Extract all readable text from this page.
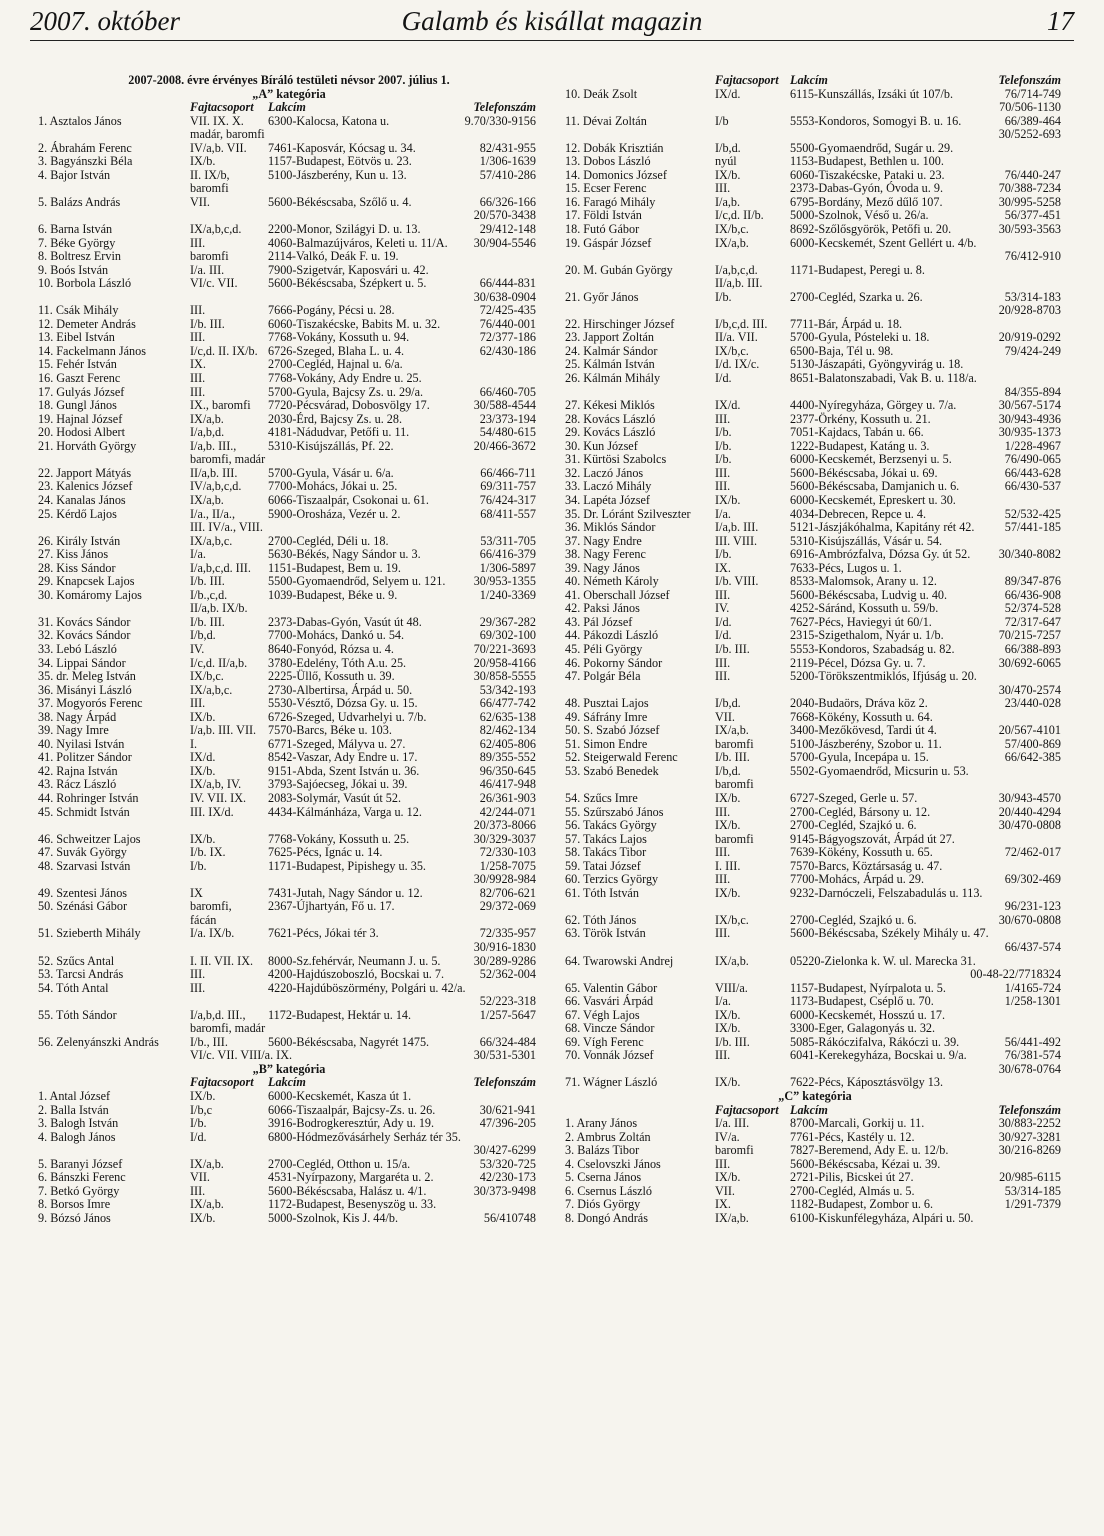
2007. október	Galamb és kisállat magazin	17
2007-2008. évre érvényes Bíráló testületi névsor 2007. július 1.
„A” kategória
Fajtacsoport Lakcím	Telefonszám
1. Asztalos János	VII. IX. X. 6300-Kalocsa, Katona u.	9.70/330-9156
madár, baromfi
2. Ábrahám Ferenc	IV/a,b. VII. 7461-Kaposvár, Kócsag u. 34.	82/431-955
3. Bagyánszki Béla	IX/b.	1157-Budapest, Eötvös u. 23.	1/306-1639
4. Bajor István	II. IX/b,	5100-Jászberény, Kun u. 13.	57/410-286
baromfi
5. Balázs András	VII.	5600-Békéscsaba, Szőlő u. 4.	66/326-166
20/570-3438
6. Barna István	IX/a,b,c,d. 2200-Monor, Szilágyi D. u. 13.	29/412-148
7. Béke György	III.	4060-Balmazújváros, Keleti u. 11/A. 30/904-5546
8. Boltresz Ervin	baromfi	2114-Valkó, Deák F. u. 19.
9. Boós István	I/a. III.	7900-Szigetvár, Kaposvári u. 42.
10. Borbola László	VI/c. VII.	5600-Békéscsaba, Szépkert u. 5.	66/444-831
30/638-0904
11. Csák Mihály	III.	7666-Pogány, Pécsi u. 28.	72/425-435
12. Demeter András	I/b. III.	6060-Tiszakécske, Babits M. u. 32.	76/440-001
13. Eibel István	III.	7768-Vokány, Kossuth u. 94.	72/377-186
14. Fackelmann János	I/c,d. II. IX/b. 6726-Szeged, Blaha L. u. 4.	62/430-186
15. Fehér István	IX.	2700-Cegléd, Hajnal u. 6/a.
16. Gaszt Ferenc	III.	7768-Vokány, Ady Endre u. 25.
17. Gulyás József	III.	5700-Gyula, Bajcsy Zs. u. 29/a.	66/460-705
18. Gungl János	IX., baromfi 7720-Pécsvárad, Dobosvölgy 17.	30/588-4544
19. Hajnal József	IX/a,b.	2030-Érd, Bajcsy Zs. u. 28.	23/373-194
20. Hodosi Albert	I/a,b,d.	4181-Nádudvar, Petőfi u. 11.	54/480-615
21. Horváth György	I/a,b. III.,	5310-Kisújszállás, Pf. 22.	20/466-3672
baromfi, madár
22. Japport Mátyás	II/a,b. III.	5700-Gyula, Vásár u. 6/a.	66/466-711
23. Kalenics József	IV/a,b,c,d. 7700-Mohács, Jókai u. 25.	69/311-757
24. Kanalas János	IX/a,b.	6066-Tiszaalpár, Csokonai u. 61.	76/424-317
25. Kérdő Lajos	I/a., II/a.,	5900-Orosháza, Vezér u. 2.	68/411-557
III. IV/a., VIII.
26. Király István	IX/a,b,c.	2700-Cegléd, Déli u. 18.	53/311-705
27. Kiss János	I/a.	5630-Békés, Nagy Sándor u. 3.	66/416-379
28. Kiss Sándor	I/a,b,c,d. III. 1151-Budapest, Bem u. 19.	1/306-5897
29. Knapcsek Lajos	I/b. III.	5500-Gyomaendrőd, Selyem u. 121. 30/953-1355
30. Komáromy Lajos	I/b.,c,d.	1039-Budapest, Béke u. 9.	1/240-3369
II/a,b. IX/b.
31. Kovács Sándor	I/b. III.	2373-Dabas-Gyón, Vasút út 48.	29/367-282
32. Kovács Sándor	I/b,d.	7700-Mohács, Dankó u. 54.	69/302-100
33. Lebó László	IV.	8640-Fonyód, Rózsa u. 4.	70/221-3693
34. Lippai Sándor	I/c,d. II/a,b. 3780-Edelény, Tóth A.u. 25.	20/958-4166
35. dr. Meleg István	IX/b,c.	2225-Üllő, Kossuth u. 39.	30/858-5555
36. Misányi László	IX/a,b,c.	2730-Albertirsa, Árpád u. 50.	53/342-193
37. Mogyorós Ferenc	III.	5530-Vésztő, Dózsa Gy. u. 15.	66/477-742
38. Nagy Árpád	IX/b.	6726-Szeged, Udvarhelyi u. 7/b.	62/635-138
39. Nagy Imre	I/a,b. III. VII. 7570-Barcs, Béke u. 103.	82/462-134
40. Nyilasi István	I.	6771-Szeged, Mályva u. 27.	62/405-806
41. Politzer Sándor	IX/d.	8542-Vaszar, Ady Endre u. 17.	89/355-552
42. Rajna István	IX/b.	9151-Abda, Szent István u. 36.	96/350-645
43. Rácz László	IX/a,b, IV. 3793-Sajóecseg, Jókai u. 39.	46/417-948
44. Rohringer István	IV. VII. IX. 2083-Solymár, Vasút út 52.	26/361-903
45. Schmidt István	III. IX/d.	4434-Kálmánháza, Varga u. 12.	42/244-071
20/373-8066
46. Schweitzer Lajos	IX/b.	7768-Vokány, Kossuth u. 25.	30/329-3037
47. Suvák György	I/b. IX.	7625-Pécs, Ignác u. 14.	72/330-103
48. Szarvasi István	I/b.	1171-Budapest, Pipishegy u. 35.	1/258-7075
30/9928-984
49. Szentesi János	IX	7431-Jutah, Nagy Sándor u. 12.	82/706-621
50. Szénási Gábor	baromfi,	2367-Újhartyán, Fő u. 17.	29/372-069
fácán
51. Szieberth Mihály	I/a. IX/b.	7621-Pécs, Jókai tér 3.	72/335-957
30/916-1830
52. Szűcs Antal	I. II. VII. IX. 8000-Sz.fehérvár, Neumann J. u. 5.	30/289-9286
53. Tarcsi András	III.	4200-Hajdúszoboszló, Bocskai u. 7.	52/362-004
54. Tóth Antal	III.	4220-Hajdúböszörmény, Polgári u. 42/a.
52/223-318
55. Tóth Sándor	I/a,b,d. III., 1172-Budapest, Hektár u. 14.	1/257-5647
baromfi, madár
56. Zelenyánszki András	I/b., III.	5600-Békéscsaba, Nagyrét 1475.	66/324-484
VI/c. VII. VIII/a. IX.	30/531-5301
„B” kategória
Fajtacsoport Lakcím	Telefonszám
1. Antal József	IX/b.	6000-Kecskemét, Kasza út 1.
2. Balla István	I/b,c	6066-Tiszaalpár, Bajcsy-Zs. u. 26.	30/621-941
3. Balogh István	I/b.	3916-Bodrogkeresztúr, Ady u. 19.	47/396-205
4. Balogh János	I/d.	6800-Hódmezővásárhely Serház tér 35.
30/427-6299
5. Baranyi József	IX/a,b.	2700-Cegléd, Otthon u. 15/a.	53/320-725
6. Bánszki Ferenc	VII.	4531-Nyírpazony, Margaréta u. 2.	42/230-173
7. Betkó György	III.	5600-Békéscsaba, Halász u. 4/1.	30/373-9498
8. Borsos Imre	IX/a,b.	1172-Budapest, Besenyszög u. 33.
9. Bózsó János	IX/b.	5000-Szolnok, Kis J. 44/b.	56/410748
Fajtacsoport Lakcím	Telefonszám
10. Deák Zsolt	IX/d.	6115-Kunszállás, Izsáki út 107/b.	76/714-749
70/506-1130
11. Dévai Zoltán	I/b	5553-Kondoros, Somogyi B. u. 16.	66/389-464
30/5252-693
12. Dobák Krisztián	I/b,d.	5500-Gyomaendrőd, Sugár u. 29.
13. Dobos László	nyúl	1153-Budapest, Bethlen u. 100.
14. Domonics József	IX/b.	6060-Tiszakécske, Pataki u. 23.	76/440-247
15. Ecser Ferenc	III.	2373-Dabas-Gyón, Óvoda u. 9.	70/388-7234
16. Faragó Mihály	I/a,b.	6795-Bordány, Mező dűlő 107.	30/995-5258
17. Földi István	I/c,d. II/b. 5000-Szolnok, Véső u. 26/a.	56/377-451
18. Futó Gábor	IX/b,c.	8692-Szőlősgyörök, Petőfi u. 20.	30/593-3563
19. Gáspár József	IX/a,b.	6000-Kecskemét, Szent Gellért u. 4/b.
76/412-910
20. M. Gubán György	I/a,b,c,d.	1171-Budapest, Peregi u. 8.
II/a,b. III.
21. Győr János	I/b.	2700-Cegléd, Szarka u. 26.	53/314-183
20/928-8703
22. Hirschinger József	I/b,c,d. III. 7711-Bár, Árpád u. 18.
23. Japport Zoltán	II/a. VII.	5700-Gyula, Pósteleki u. 18.	20/919-0292
24. Kalmár Sándor	IX/b,c.	6500-Baja, Tél u. 98.	79/424-249
25. Kálmán István	I/d. IX/c.	5130-Jászapáti, Gyöngyvirág u. 18.
26. Kálmán Mihály	I/d.	8651-Balatonszabadi, Vak B. u. 118/a.
84/355-894
27. Kékesi Miklós	IX/d.	4400-Nyíregyháza, Görgey u. 7/a.	30/567-5174
28. Kovács László	III.	2377-Örkény, Kossuth u. 21.	30/943-4936
29. Kovács László	I/b.	7051-Kajdacs, Tabán u. 66.	30/935-1373
30. Kun József	I/b.	1222-Budapest, Katáng u. 3.	1/228-4967
31. Kürtösi Szabolcs	I/b.	6000-Kecskemét, Berzsenyi u. 5.	76/490-065
32. Laczó János	III.	5600-Békéscsaba, Jókai u. 69.	66/443-628
33. Laczó Mihály	III.	5600-Békéscsaba, Damjanich u. 6.	66/430-537
34. Lapéta József	IX/b.	6000-Kecskemét, Epreskert u. 30.
35. Dr. Lóránt Szilveszter I/a.	4034-Debrecen, Repce u. 4.	52/532-425
36. Miklós Sándor	I/a,b. III.	5121-Jászjákóhalma, Kapitány rét 42. 57/441-185
37. Nagy Endre	III. VIII.	5310-Kisújszállás, Vásár u. 54.
38. Nagy Ferenc	I/b.	6916-Ambrózfalva, Dózsa Gy. út 52. 30/340-8082
39. Nagy János	IX.	7633-Pécs, Lugos u. 1.
40. Németh Károly	I/b. VIII.	8533-Malomsok, Arany u. 12.	89/347-876
41. Oberschall József	III.	5600-Békéscsaba, Ludvig u. 40.	66/436-908
42. Paksi János	IV.	4252-Sáránd, Kossuth u. 59/b.	52/374-528
43. Pál József	I/d.	7627-Pécs, Haviegyi út 60/1.	72/317-647
44. Pákozdi László	I/d.	2315-Szigethalom, Nyár u. 1/b.	70/215-7257
45. Péli György	I/b. III.	5553-Kondoros, Szabadság u. 82.	66/388-893
46. Pokorny Sándor	III.	2119-Pécel, Dózsa Gy. u. 7.	30/692-6065
47. Polgár Béla	III.	5200-Törökszentmiklós, Ifjúság u. 20.
30/470-2574
48. Pusztai Lajos	I/b,d.	2040-Budaörs, Dráva köz 2.	23/440-028
49. Sáfrány Imre	VII.	7668-Kökény, Kossuth u. 64.
50. S. Szabó József	IX/a,b.	3400-Mezőkövesd, Tardi út 4.	20/567-4101
51. Simon Endre	baromfi	5100-Jászberény, Szobor u. 11.	57/400-869
52. Steigerwald Ferenc	I/b. III.	5700-Gyula, Incepápa u. 15.	66/642-385
53. Szabó Benedek	I/b,d.	5502-Gyomaendrőd, Micsurin u. 53.
baromfi
54. Szűcs Imre	IX/b.	6727-Szeged, Gerle u. 57.	30/943-4570
55. Szűrszabó János	III.	2700-Cegléd, Bársony u. 12.	20/440-4294
56. Takács György	IX/b.	2700-Cegléd, Szajkó u. 6.	30/470-0808
57. Takács Lajos	baromfi	9145-Bágyogszovát, Árpád út 27.
58. Takács Tibor	III.	7639-Kökény, Kossuth u. 65.	72/462-017
59. Tatai József	I. III.	7570-Barcs, Köztársaság u. 47.
60. Terzics György	III.	7700-Mohács, Árpád u. 29.	69/302-469
61. Tóth István	IX/b.	9232-Darnóczeli, Felszabadulás u. 113.
96/231-123
62. Tóth János	IX/b,c.	2700-Cegléd, Szajkó u. 6.	30/670-0808
63. Török István	III.	5600-Békéscsaba, Székely Mihály u. 47.
66/437-574
64. Twarowski Andrej	IX/a,b.	05220-Zielonka k. W. ul. Marecka 31.
00-48-22/7718324
65. Valentin Gábor	VIII/a.	1157-Budapest, Nyírpalota u. 5.	1/4165-724
66. Vasvári Árpád	I/a.	1173-Budapest, Cséplő u. 70.	1/258-1301
67. Végh Lajos	IX/b.	6000-Kecskemét, Hosszú u. 17.
68. Vincze Sándor	IX/b.	3300-Eger, Galagonyás u. 32.
69. Vígh Ferenc	I/b. III.	5085-Rákóczifalva, Rákóczi u. 39.	56/441-492
70. Vonnák József	III.	6041-Kerekegyháza, Bocskai u. 9/a.	76/381-574
30/678-0764
71. Wágner László	IX/b.	7622-Pécs, Káposztásvölgy 13.
„C” kategória
Fajtacsoport Lakcím	Telefonszám
1. Arany János	I/a. III.	8700-Marcali, Gorkij u. 11.	30/883-2252
2. Ambrus Zoltán	IV/a.	7761-Pécs, Kastély u. 12.	30/927-3281
3. Balázs Tibor	baromfi	7827-Beremend, Ady E. u. 12/b.	30/216-8269
4. Cselovszki János	III.	5600-Békéscsaba, Kézai u. 39.
5. Cserna János	IX/b.	2721-Pilis, Bicskei út 27.	20/985-6115
6. Csernus László	VII.	2700-Cegléd, Almás u. 5.	53/314-185
7. Diós György	IX.	1182-Budapest, Zombor u. 6.	1/291-7379
8. Dongó András	IX/a,b.	6100-Kiskunfélegyháza, Alpári u. 50.
